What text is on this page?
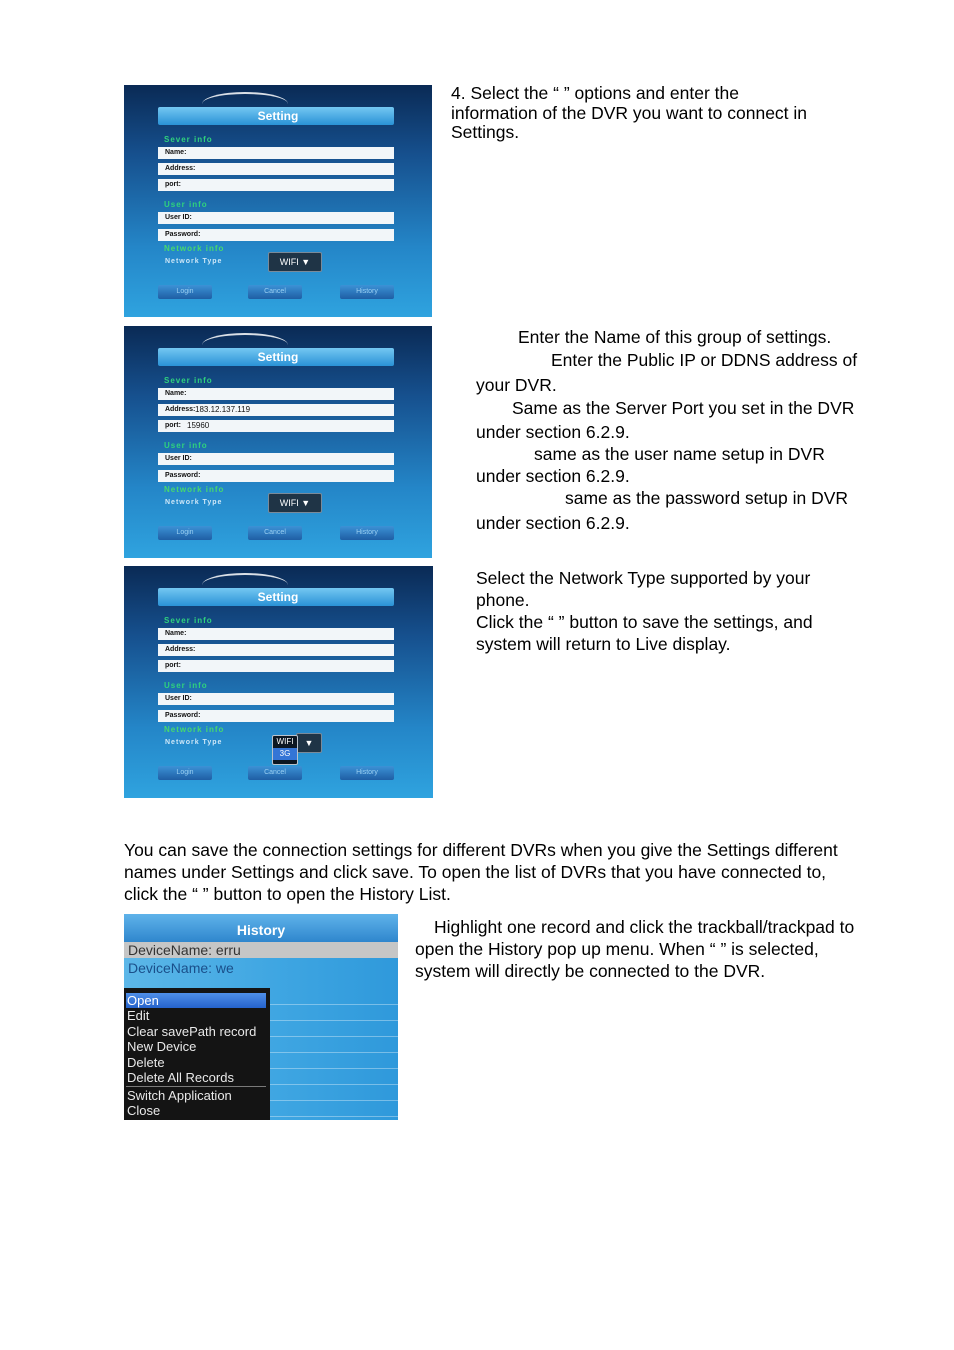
4. Select the “ ” options and enter the

information of the DVR you want to connect in

Settings.

Enter the Name of this group of settings.

Enter the Public IP or DDNS address of

your DVR.

Same as the Server Port you set in the DVR

under section 6.2.9.

same as the user name setup in DVR

under section 6.2.9.

same as the password setup in DVR

under section 6.2.9.

Select the Network Type supported by your

phone.

Click the “ ” button to save the settings, and

system will return to Live display.

You can save the connection settings for different DVRs when you give the Settings different

names under Settings and click save. To open the list of DVRs that you have connected to,

click the “ ” button to open the History List.

Highlight one record and click the trackball/trackpad to

open the History pop up menu. When “ ” is selected,

system will directly be connected to the DVR.

Setting
Sever info
Name:
Address:
port:
User info
User ID:
Password:
Network info
Network Type	WIFI ▼
Login	Cancel	History
Setting
Sever info
Name:
Address: 183.12.137.119
port: 15960
User info
User ID:
Password:
Network info
Network Type	WIFI ▼
Login	Cancel	History
Setting
Sever info
Name:
Address:
port:
User info
User ID:
Password:
Network info
Network Type	▼
WIFI
3G
Login	Cancel	History
History
DeviceName: erru
DeviceName: we
Open
Edit
Clear savePath record
New Device
Delete
Delete All Records
Switch Application
Close
